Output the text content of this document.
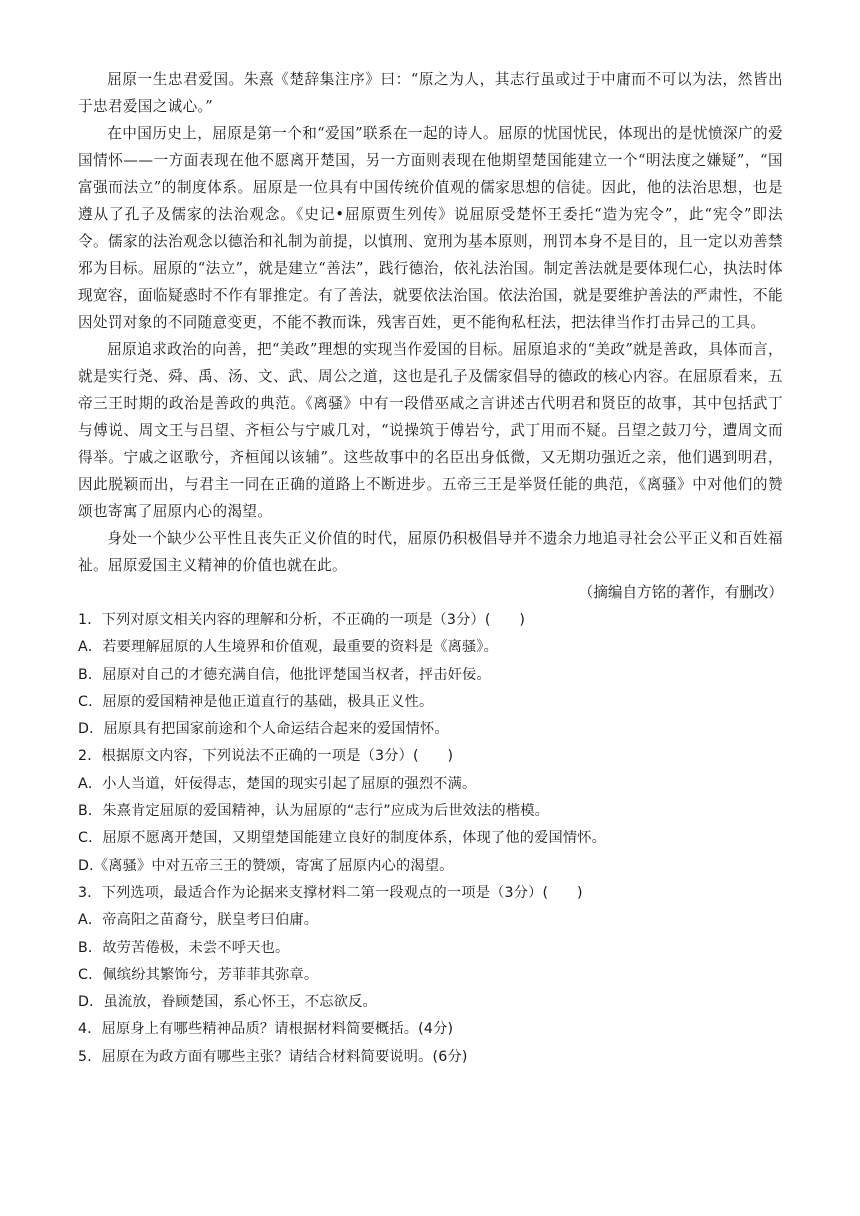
屈原一生忠君爱国。朱熹《楚辞集注序》曰：“原之为人，其志行虽或过于中庸而不可以为法，然皆出于忠君爱国之诚心。”

在中国历史上，屈原是第一个和“爱国”联系在一起的诗人。屈原的忧国忧民，体现出的是忧愤深广的爱国情怀——一方面表现在他不愿离开楚国，另一方面则表现在他期望楚国能建立一个“明法度之嫌疑”，“国富强而法立”的制度体系。屈原是一位具有中国传统价值观的儒家思想的信徒。因此，他的法治思想，也是遵从了孔子及儒家的法治观念。《史记•屈原贾生列传》说屈原受楚怀王委托“造为宪令”，此“宪令”即法令。儒家的法治观念以德治和礼制为前提，以慎刑、宽刑为基本原则，刑罚本身不是目的，且一定以劝善禁邪为目标。屈原的“法立”，就是建立“善法”，践行德治，依礼法治国。制定善法就是要体现仁心，执法时体现宽容，面临疑惑时不作有罪推定。有了善法，就要依法治国。依法治国，就是要维护善法的严肃性，不能因处罚对象的不同随意变更，不能不教而诛，残害百姓，更不能徇私枉法，把法律当作打击异己的工具。

屈原追求政治的向善，把“美政”理想的实现当作爱国的目标。屈原追求的“美政”就是善政，具体而言，就是实行尧、舜、禹、汤、文、武、周公之道，这也是孔子及儒家倡导的德政的核心内容。在屈原看来，五帝三王时期的政治是善政的典范。《离骚》中有一段借巫咸之言讲述古代明君和贤臣的故事，其中包括武丁与傅说、周文王与吕望、齐桓公与宁戚几对，“说操筑于傅岩兮，武丁用而不疑。吕望之鼓刀兮，遭周文而得举。宁戚之讴歌兮，齐桓闻以该辅”。这些故事中的名臣出身低微，又无期功强近之亲，他们遇到明君，因此脱颖而出，与君主一同在正确的道路上不断进步。五帝三王是举贤任能的典范，《离骚》中对他们的赞颂也寄寓了屈原内心的渴望。

身处一个缺少公平性且丧失正义价值的时代，屈原仍积极倡导并不遗余力地追寻社会公平正义和百姓福祉。屈原爱国主义精神的价值也就在此。

（摘编自方铭的著作，有删改）
1．下列对原文相关内容的理解和分析，不正确的一项是（3分）(　　)
A．若要理解屈原的人生境界和价值观，最重要的资料是《离骚》。
B．屈原对自己的才德充满自信，他批评楚国当权者，抨击奸佞。
C．屈原的爱国精神是他正道直行的基础，极具正义性。
D．屈原具有把国家前途和个人命运结合起来的爱国情怀。
2．根据原文内容，下列说法不正确的一项是（3分）(　　)
A．小人当道，奸佞得志，楚国的现实引起了屈原的强烈不满。
B．朱熹肯定屈原的爱国精神，认为屈原的“志行”应成为后世效法的楷模。
C．屈原不愿离开楚国，又期望楚国能建立良好的制度体系，体现了他的爱国情怀。
D.《离骚》中对五帝三王的赞颂，寄寓了屈原内心的渴望。
3．下列选项，最适合作为论据来支撑材料二第一段观点的一项是（3分）(　　)
A．帝高阳之苗裔兮，朕皇考曰伯庸。
B．故劳苦倦极，未尝不呼天也。
C．佩缤纷其繁饰兮，芳菲菲其弥章。
D．虽流放，眷顾楚国，系心怀王，不忘欲反。
4．屈原身上有哪些精神品质？请根据材料简要概括。(4分)
5．屈原在为政方面有哪些主张？请结合材料简要说明。(6分)
